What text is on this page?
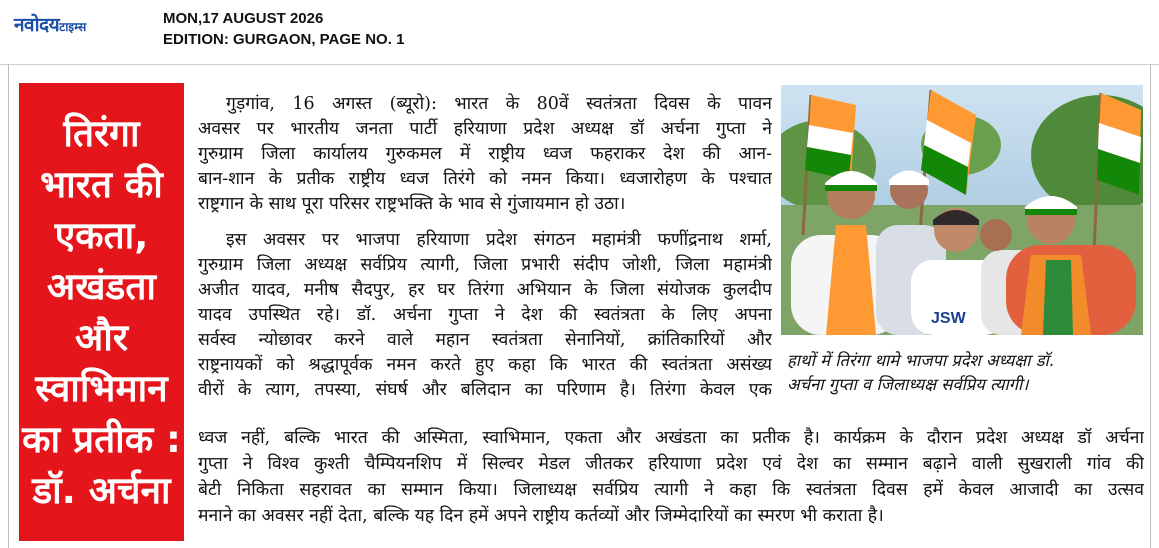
नवोदयटाइम्स	MON,17 AUGUST 2026
EDITION: GURGAON, PAGE NO. 1
तिरंगा
भारत की
एकता,
अखंडता
और
स्वाभिमान
का प्रतीक :
डॉ. अर्चना
गुड़गांव, 16 अगस्त (ब्यूरो): भारत के 80वें स्वतंत्रता दिवस के पावन
अवसर पर भारतीय जनता पार्टी हरियाणा प्रदेश अध्यक्ष डॉ अर्चना गुप्ता ने
गुरुग्राम जिला कार्यालय गुरुकमल में राष्ट्रीय ध्वज फहराकर देश की आन-
बान-शान के प्रतीक राष्ट्रीय ध्वज तिरंगे को नमन किया। ध्वजारोहण के पश्चात
राष्ट्रगान के साथ पूरा परिसर राष्ट्रभक्ति के भाव से गुंजायमान हो उठा।
इस अवसर पर भाजपा हरियाणा प्रदेश संगठन महामंत्री फणींद्रनाथ शर्मा,
गुरुग्राम जिला अध्यक्ष सर्वप्रिय त्यागी, जिला प्रभारी संदीप जोशी, जिला महामंत्री
अजीत यादव, मनीष सैदपुर, हर घर तिरंगा अभियान के जिला संयोजक कुलदीप
यादव उपस्थित रहे। डॉ. अर्चना गुप्ता ने देश की स्वतंत्रता के लिए अपना
सर्वस्व न्योछावर करने वाले महान स्वतंत्रता सेनानियों, क्रांतिकारियों और
राष्ट्रनायकों को श्रद्धापूर्वक नमन करते हुए कहा कि भारत की स्वतंत्रता असंख्य
वीरों के त्याग, तपस्या, संघर्ष और बलिदान का परिणाम है। तिरंगा केवल एक
ध्वज नहीं, बल्कि भारत की अस्मिता, स्वाभिमान, एकता और अखंडता का प्रतीक है। कार्यक्रम के दौरान प्रदेश अध्यक्ष डॉ अर्चना
गुप्ता ने विश्व कुश्ती चैम्पियनशिप में सिल्वर मेडल जीतकर हरियाणा प्रदेश एवं देश का सम्मान बढ़ाने वाली सुखराली गांव की
बेटी निकिता सहरावत का सम्मान किया। जिलाध्यक्ष सर्वप्रिय त्यागी ने कहा कि स्वतंत्रता दिवस हमें केवल आजादी का उत्सव
मनाने का अवसर नहीं देता, बल्कि यह दिन हमें अपने राष्ट्रीय कर्तव्यों और जिम्मेदारियों का स्मरण भी कराता है।
JSW
हाथों में तिरंगा थामे भाजपा प्रदेश अध्यक्षा डॉ.
अर्चना गुप्ता व जिलाध्यक्ष सर्वप्रिय त्यागी।
